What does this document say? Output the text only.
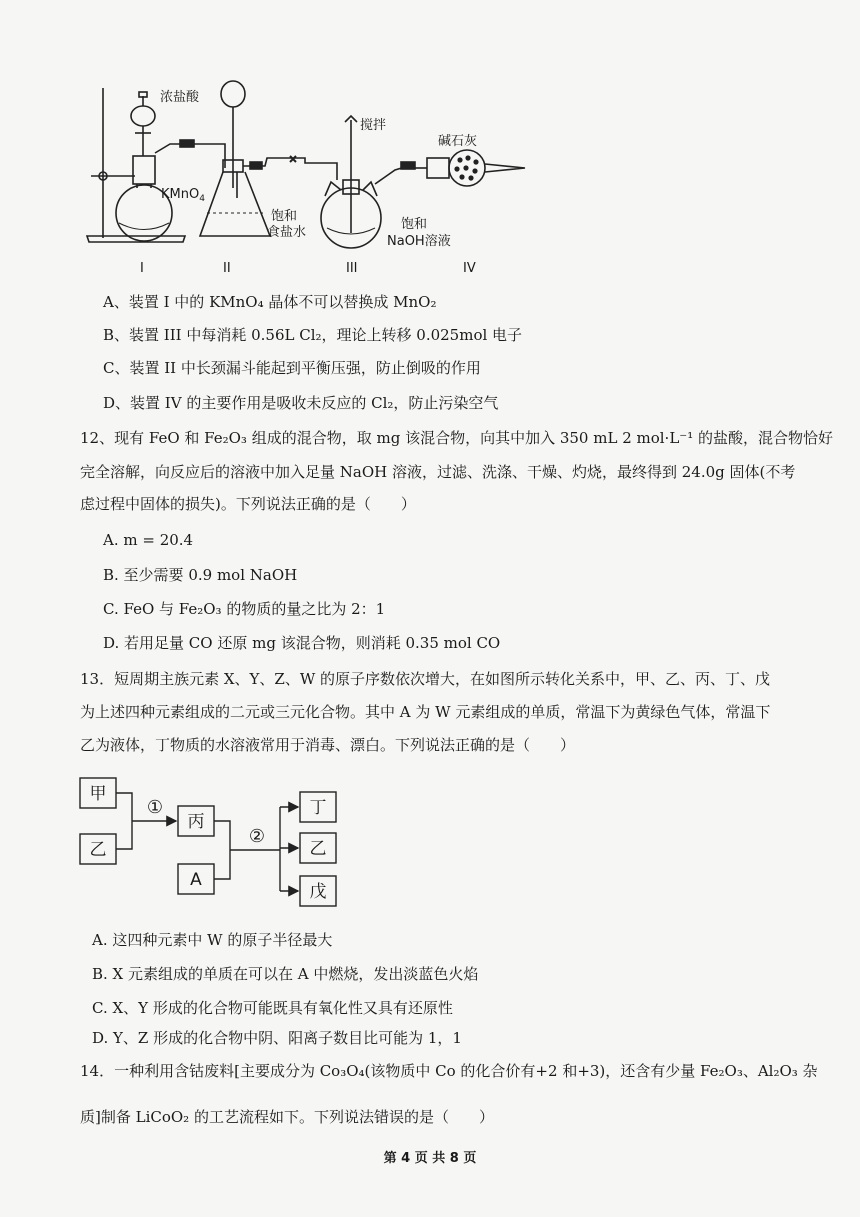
浓盐酸
KMnO$_4$
饱和
食盐水
搅拌
饱和
NaOH溶液
碱石灰
I	II	III	IV
A、装置 I 中的 KMnO₄ 晶体不可以替换成 MnO₂
B、装置 III 中每消耗 0.56L Cl₂，理论上转移 0.025mol 电子
C、装置 II 中长颈漏斗能起到平衡压强，防止倒吸的作用
D、装置 IV 的主要作用是吸收未反应的 Cl₂，防止污染空气
12、现有 FeO 和 Fe₂O₃ 组成的混合物，取 mg 该混合物，向其中加入 350 mL 2 mol·L⁻¹ 的盐酸，混合物恰好
完全溶解，向反应后的溶液中加入足量 NaOH 溶液，过滤、洗涤、干燥、灼烧，最终得到 24.0g 固体(不考
虑过程中固体的损失)。下列说法正确的是（　　）
A. m = 20.4
B. 至少需要 0.9 mol NaOH
C. FeO 与 Fe₂O₃ 的物质的量之比为 2：1
D. 若用足量 CO 还原 mg 该混合物，则消耗 0.35 mol CO
13．短周期主族元素 X、Y、Z、W 的原子序数依次增大，在如图所示转化关系中，甲、乙、丙、丁、戊
为上述四种元素组成的二元或三元化合物。其中 A 为 W 元素组成的单质，常温下为黄绿色气体，常温下
乙为液体，丁物质的水溶液常用于消毒、漂白。下列说法正确的是（　　）
甲
乙
丙
A
丁
乙
戊
①
②
A. 这四种元素中 W 的原子半径最大
B. X 元素组成的单质在可以在 A 中燃烧，发出淡蓝色火焰
C. X、Y 形成的化合物可能既具有氧化性又具有还原性
D. Y、Z 形成的化合物中阴、阳离子数目比可能为 1，1
14．一种利用含钴废料[主要成分为 Co₃O₄(该物质中 Co 的化合价有+2 和+3)，还含有少量 Fe₂O₃、Al₂O₃ 杂
质]制备 LiCoO₂ 的工艺流程如下。下列说法错误的是（　　）
第 4 页 共 8 页
